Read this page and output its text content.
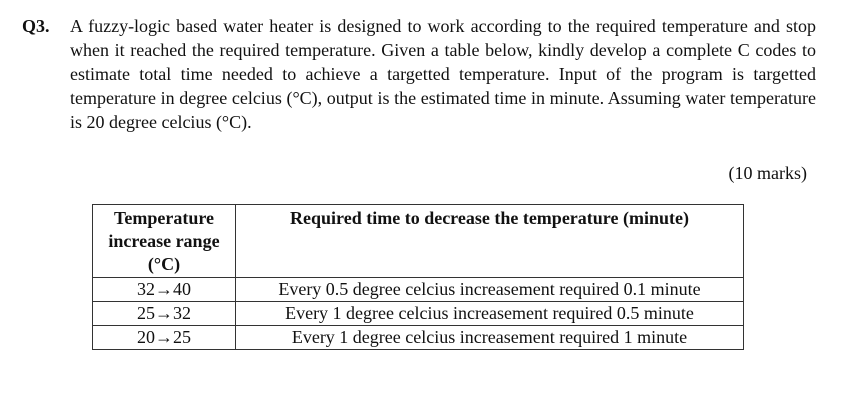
Q3.	A fuzzy-logic based water heater is designed to work according to the required temperature and stop when it reached the required temperature. Given a table below, kindly develop a complete C codes to estimate total time needed to achieve a targetted temperature. Input of the program is targetted temperature in degree celcius (°C), output is the estimated time in minute. Assuming water temperature is 20 degree celcius (°C).
(10 marks)
Temperature increase range (°C)	Required time to decrease the temperature (minute)
32→40	Every 0.5 degree celcius increasement required 0.1 minute
25→32	Every 1 degree celcius increasement required 0.5 minute
20→25	Every 1 degree celcius increasement required 1 minute
